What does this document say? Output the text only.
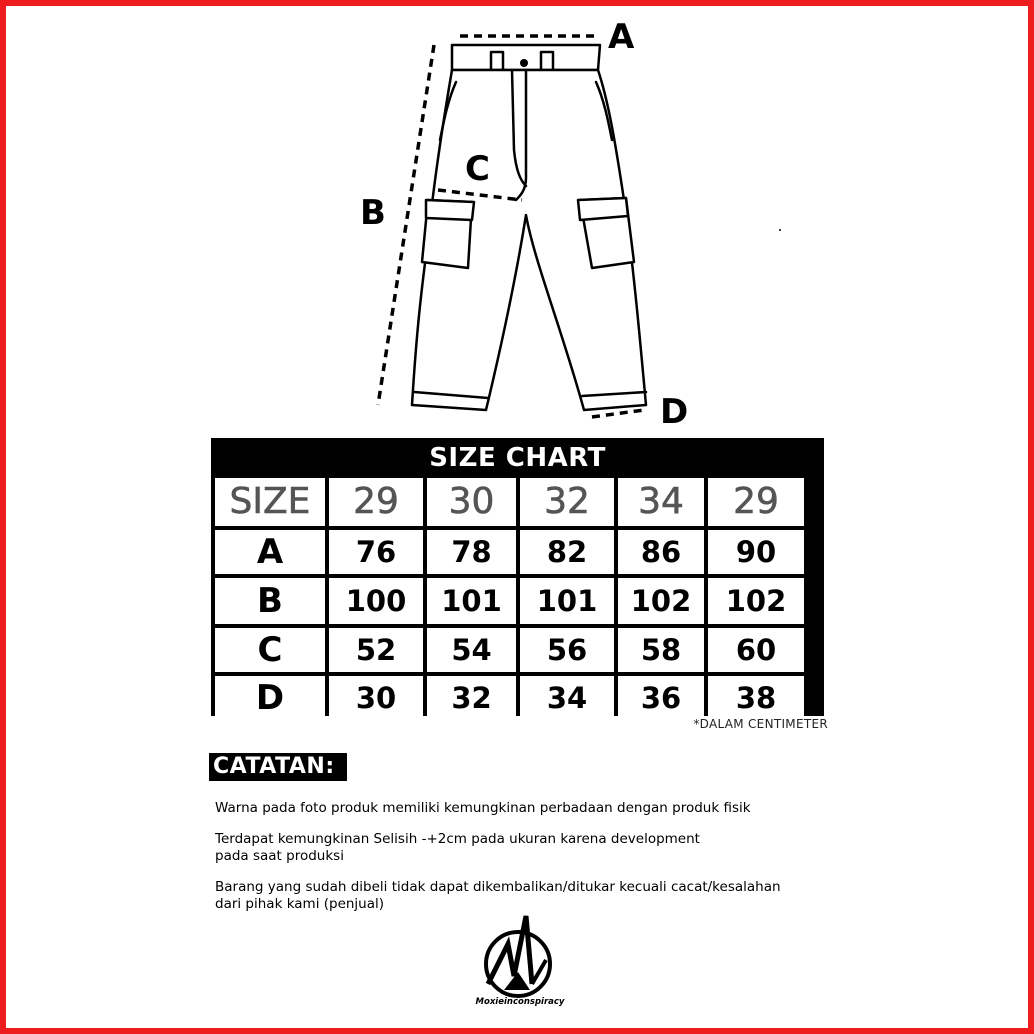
A
B
C
D
SIZE CHART
SIZE	29	30	32	34	29
A	76	78	82	86	90
B	100	101	101	102	102
C	52	54	56	58	60
D	30	32	34	36	38
*DALAM CENTIMETER
CATATAN:
Warna pada foto produk memiliki kemungkinan perbadaan dengan produk fisik
Terdapat kemungkinan Selisih -+2cm pada ukuran karena development
pada saat produksi
Barang yang sudah dibeli tidak dapat dikembalikan/ditukar kecuali cacat/kesalahan
dari pihak kami (penjual)
Moxieinconspiracy
